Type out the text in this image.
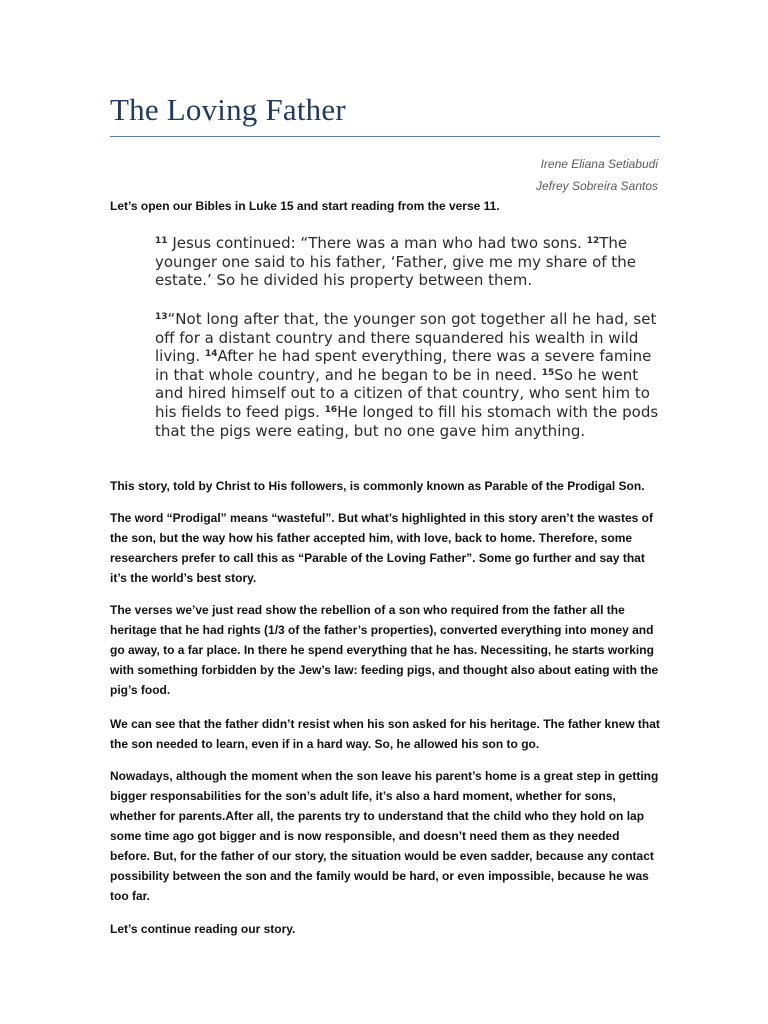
The Loving Father
Irene Eliana Setiabudi
Jefrey Sobreira Santos
Let’s open our Bibles in Luke 15 and start reading from the verse 11.
$^{11}$ Jesus continued: “There was a man who had two sons. $^{12}$The younger one said to his father, ‘Father, give me my share of the estate.’ So he divided his property between them.
$^{13}$“Not long after that, the younger son got together all he had, set off for a distant country and there squandered his wealth in wild living. $^{14}$After he had spent everything, there was a severe famine in that whole country, and he began to be in need. $^{15}$So he went and hired himself out to a citizen of that country, who sent him to his fields to feed pigs. $^{16}$He longed to fill his stomach with the pods that the pigs were eating, but no one gave him anything.
This story, told by Christ to His followers, is commonly known as Parable of the Prodigal Son.
The word “Prodigal” means “wasteful”. But what’s highlighted in this story aren’t the wastes of the son, but the way how his father accepted him, with love, back to home. Therefore, some researchers prefer to call this as “Parable of the Loving Father”. Some go further and say that it’s the world’s best story.
The verses we’ve just read show the rebellion of a son who required from the father all the heritage that he had rights (1/3 of the father’s properties), converted everything into money and go away, to a far place. In there he spend everything that he has. Necessiting, he starts working with something forbidden by the Jew’s law: feeding pigs, and thought also about eating with the pig’s food.
We can see that the father didn’t resist when his son asked for his heritage. The father knew that the son needed to learn, even if in a hard way. So, he allowed his son to go.
Nowadays, although the moment when the son leave his parent’s home is a great step in getting bigger responsabilities for the son’s adult life, it’s also a hard moment, whether for sons, whether for parents.After all, the parents try to understand that the child who they hold on lap some time ago got bigger and is now responsible, and doesn’t need them as they needed before. But, for the father of our story, the situation would be even sadder, because any contact possibility between the son and the family would be hard, or even impossible, because he was too far.
Let’s continue reading our story.
